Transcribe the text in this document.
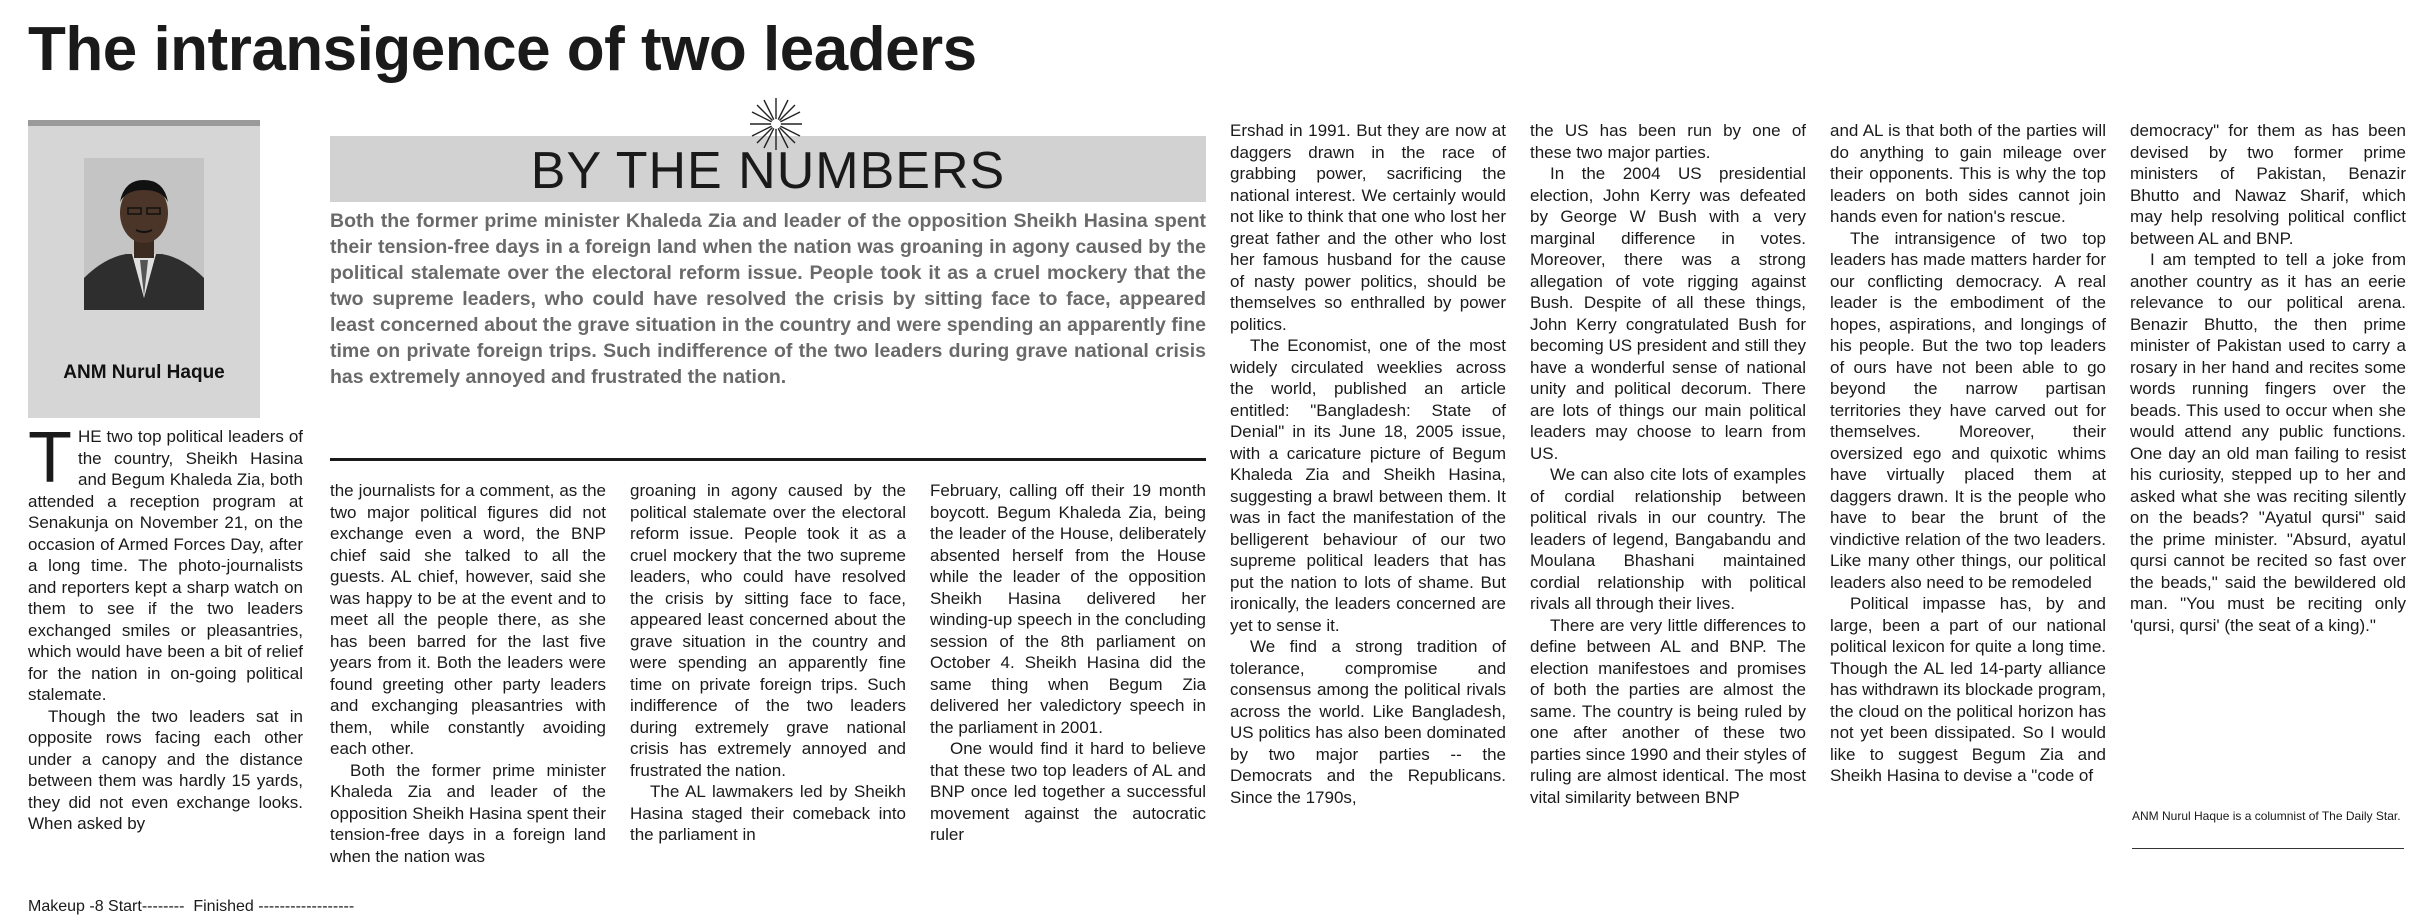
The intransigence of two leaders
ANM Nurul Haque
BY THE NUMBERS

Both the former prime minister Khaleda Zia and leader of the opposition Sheikh Hasina spent their tension-free days in a foreign land when the nation was groaning in agony caused by the political stalemate over the electoral reform issue. People took it as a cruel mockery that the two supreme leaders, who could have resolved the crisis by sitting face to face, appeared least concerned about the grave situation in the country and were spending an apparently fine time on private foreign trips. Such indifference of the two leaders during grave national crisis has extremely annoyed and frustrated the nation.

T HE two top political leaders of the country, Sheikh Hasina and Begum Khaleda Zia, both attended a reception program at Senakunja on November 21, on the occasion of Armed Forces Day, after a long time. The photo-journalists and reporters kept a sharp watch on them to see if the two leaders exchanged smiles or pleasantries, which would have been a bit of relief for the nation in on-going political stalemate.

Though the two leaders sat in opposite rows facing each other under a canopy and the distance between them was hardly 15 yards, they did not even exchange looks. When asked by

the journalists for a comment, as the two major political figures did not exchange even a word, the BNP chief said she talked to all the guests. AL chief, however, said she was happy to be at the event and to meet all the people there, as she has been barred for the last five years from it. Both the leaders were found greeting other party leaders and exchanging pleasantries with them, while constantly avoiding each other.

Both the former prime minister Khaleda Zia and leader of the opposition Sheikh Hasina spent their tension-free days in a foreign land when the nation was

groaning in agony caused by the political stalemate over the electoral reform issue. People took it as a cruel mockery that the two supreme leaders, who could have resolved the crisis by sitting face to face, appeared least concerned about the grave situation in the country and were spending an apparently fine time on private foreign trips. Such indifference of the two leaders during extremely grave national crisis has extremely annoyed and frustrated the nation.

The AL lawmakers led by Sheikh Hasina staged their comeback into the parliament in

February, calling off their 19 month boycott. Begum Khaleda Zia, being the leader of the House, deliberately absented herself from the House while the leader of the opposition Sheikh Hasina delivered her winding-up speech in the concluding session of the 8th parliament on October 4. Sheikh Hasina did the same thing when Begum Zia delivered her valedictory speech in the parliament in 2001.

One would find it hard to believe that these two top leaders of AL and BNP once led together a successful movement against the autocratic ruler

Ershad in 1991. But they are now at daggers drawn in the race of grabbing power, sacrificing the national interest. We certainly would not like to think that one who lost her great father and the other who lost her famous husband for the cause of nasty power politics, should be themselves so enthralled by power politics.

The Economist, one of the most widely circulated weeklies across the world, published an article entitled: "Bangladesh: State of Denial" in its June 18, 2005 issue, with a caricature picture of Begum Khaleda Zia and Sheikh Hasina, suggesting a brawl between them. It was in fact the manifestation of the belligerent behaviour of our two supreme political leaders that has put the nation to lots of shame. But ironically, the leaders concerned are yet to sense it.

We find a strong tradition of tolerance, compromise and consensus among the political rivals across the world. Like Bangladesh, US politics has also been dominated by two major parties -- the Democrats and the Republicans. Since the 1790s,

the US has been run by one of these two major parties.

In the 2004 US presidential election, John Kerry was defeated by George W Bush with a very marginal difference in votes. Moreover, there was a strong allegation of vote rigging against Bush. Despite of all these things, John Kerry congratulated Bush for becoming US president and still they have a wonderful sense of national unity and political decorum. There are lots of things our main political leaders may choose to learn from US.

We can also cite lots of examples of cordial relationship between political rivals in our country. The leaders of legend, Bangabandu and Moulana Bhashani maintained cordial relationship with political rivals all through their lives.

There are very little differences to define between AL and BNP. The election manifestoes and promises of both the parties are almost the same. The country is being ruled by one after another of these two parties since 1990 and their styles of ruling are almost identical. The most vital similarity between BNP

and AL is that both of the parties will do anything to gain mileage over their opponents. This is why the top leaders on both sides cannot join hands even for nation's rescue.

The intransigence of two top leaders has made matters harder for our conflicting democracy. A real leader is the embodiment of the hopes, aspirations, and longings of his people. But the two top leaders of ours have not been able to go beyond the narrow partisan territories they have carved out for themselves. Moreover, their oversized ego and quixotic whims have virtually placed them at daggers drawn. It is the people who have to bear the brunt of the vindictive relation of the two leaders. Like many other things, our political leaders also need to be remodeled

Political impasse has, by and large, been a part of our national political lexicon for quite a long time. Though the AL led 14-party alliance has withdrawn its blockade program, the cloud on the political horizon has not yet been dissipated. So I would like to suggest Begum Zia and Sheikh Hasina to devise a "code of

democracy" for them as has been devised by two former prime ministers of Pakistan, Benazir Bhutto and Nawaz Sharif, which may help resolving political conflict between AL and BNP.

I am tempted to tell a joke from another country as it has an eerie relevance to our political arena. Benazir Bhutto, the then prime minister of Pakistan used to carry a rosary in her hand and recites some words running fingers over the beads. This used to occur when she would attend any public functions. One day an old man failing to resist his curiosity, stepped up to her and asked what she was reciting silently on the beads? "Ayatul qursi" said the prime minister. "Absurd, ayatul qursi cannot be recited so fast over the beads," said the bewildered old man. "You must be reciting only 'qursi, qursi' (the seat of a king)."

ANM Nurul Haque is a columnist of The Daily Star.
Makeup -8 Start--------  Finished ------------------
